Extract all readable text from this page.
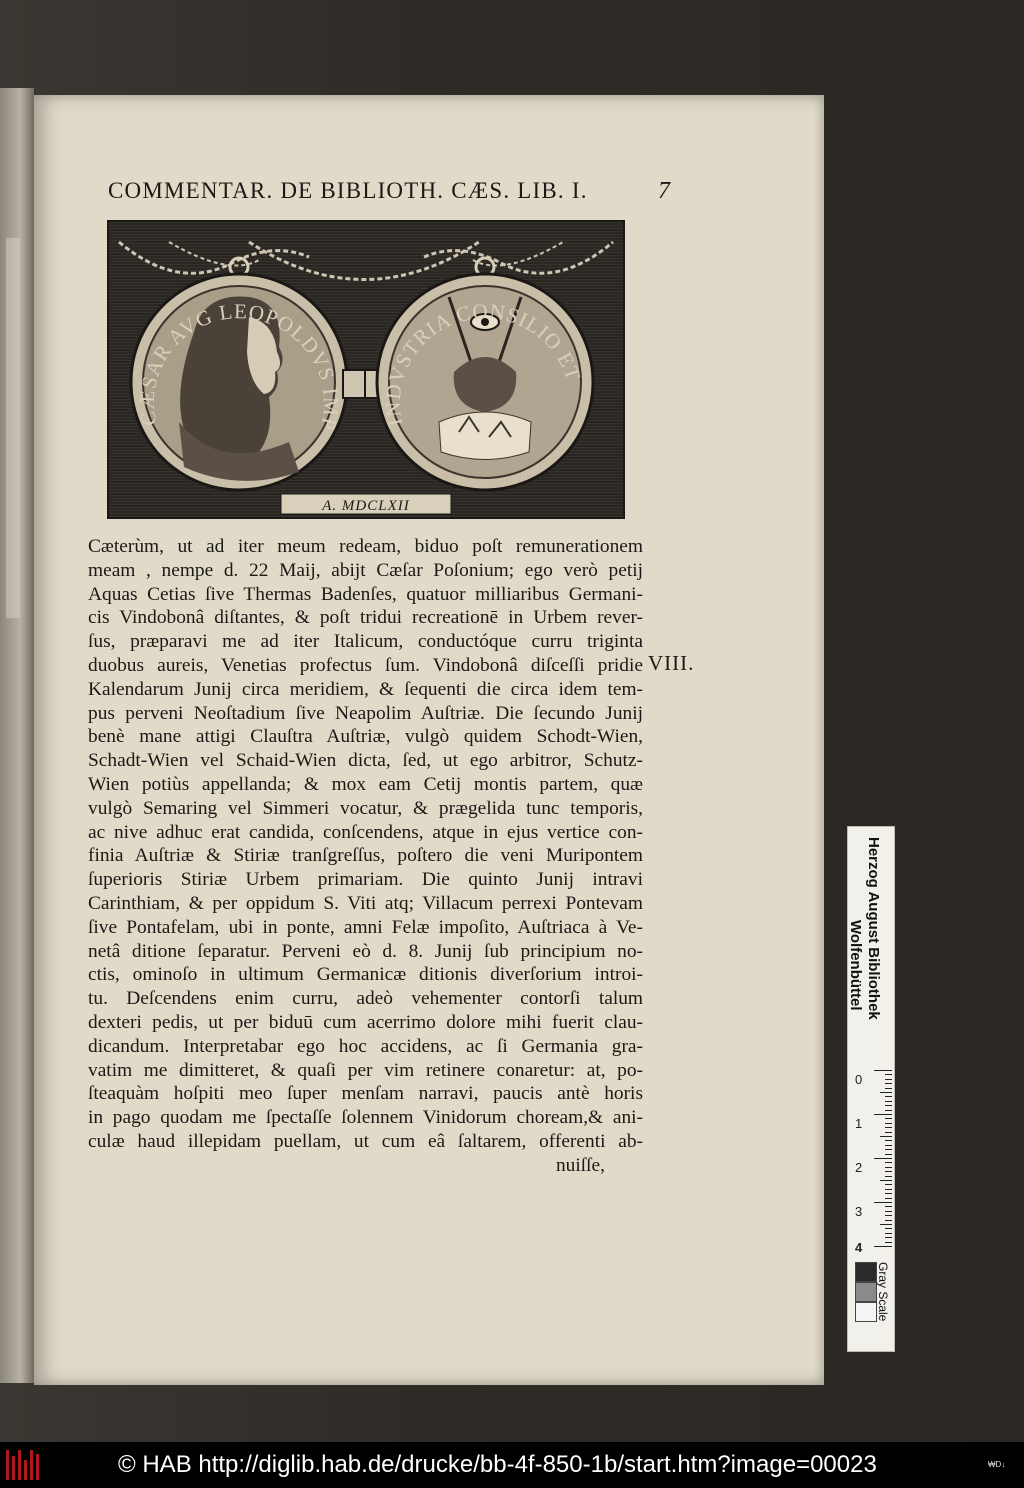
COMMENTAR. DE BIBLIOTH. CÆS. LIB. I.	7
CÆSAR AVG LEOPOLDVS IMP INDVSTRIA CONSILIO ET
A. MDCLXII
Cæterùm, ut ad iter meum redeam, biduo poſt remunerationem
meam , nempe d. 22 Maij, abijt Cæſar Poſonium; ego verò petij
Aquas Cetias ſive Thermas Badenſes, quatuor milliaribus Germani-
cis Vindobonâ diſtantes, & poſt tridui recreationē in Urbem rever-
ſus, præparavi me ad iter Italicum, conductóque curru triginta
duobus aureis, Venetias profectus ſum. Vindobonâ diſceſſi pridie
Kalendarum Junij circa meridiem, & ſequenti die circa idem tem-
pus perveni Neoſtadium ſive Neapolim Auſtriæ. Die ſecundo Junij
benè mane attigi Clauſtra Auſtriæ, vulgò quidem Schodt-Wien,
Schadt-Wien vel Schaid-Wien dicta, ſed, ut ego arbitror, Schutz-
Wien potiùs appellanda; & mox eam Cetij montis partem, quæ
vulgò Semaring vel Simmeri vocatur, & prægelida tunc temporis,
ac nive adhuc erat candida, conſcendens, atque in ejus vertice con-
finia Auſtriæ & Stiriæ tranſgreſſus, poſtero die veni Muripontem
ſuperioris Stiriæ Urbem primariam. Die quinto Junij intravi
Carinthiam, & per oppidum S. Viti atq; Villacum perrexi Pontevam
ſive Pontafelam, ubi in ponte, amni Felæ impoſito, Auſtriaca à Ve-
netâ ditione ſeparatur. Perveni eò d. 8. Junij ſub principium no-
ctis, ominoſo in ultimum Germanicæ ditionis diverſorium introi-
tu. Deſcendens enim curru, adeò vehementer contorſi talum
dexteri pedis, ut per biduū cum acerrimo dolore mihi fuerit clau-
dicandum. Interpretabar ego hoc accidens, ac ſi Germania gra-
vatim me dimitteret, & quaſi per vim retinere conaretur: at, po-
ſteaquàm hoſpiti meo ſuper menſam narravi, paucis antè horis
in pago quodam me ſpectaſſe ſolennem Vinidorum choream,& ani-
culæ haud illepidam puellam, ut cum eâ ſaltarem, offerenti ab-
nuiſſe,
VIII.
Herzog August Bibliothek
Wolfenbüttel
0
1
2
3
4
Gray Scale
© HAB http://diglib.hab.de/drucke/bb-4f-850-1b/start.htm?image=00023	₩D↓
